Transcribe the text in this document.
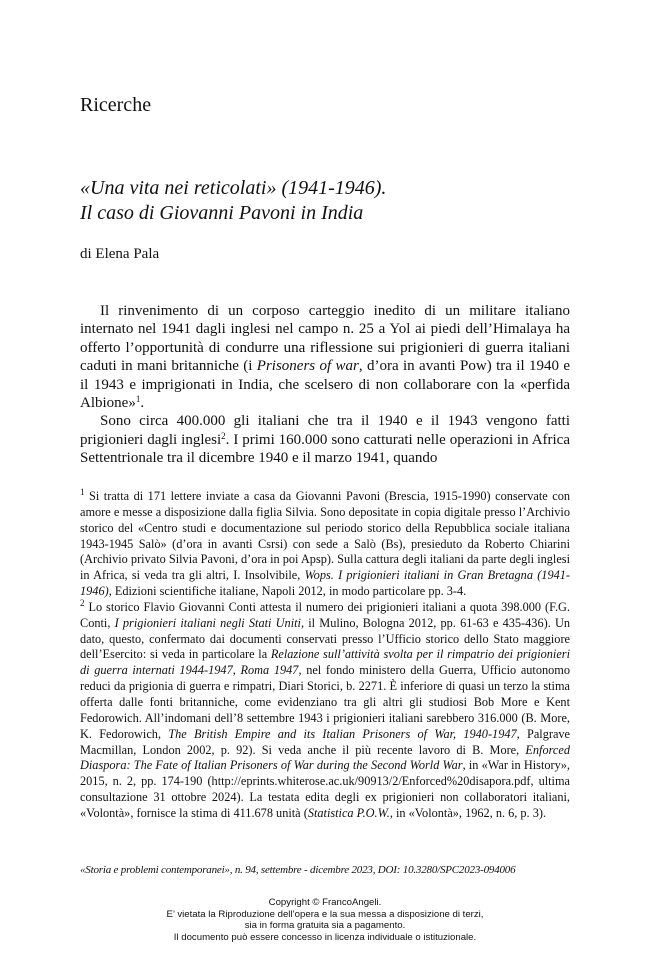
Ricerche
«Una vita nei reticolati» (1941-1946).
Il caso di Giovanni Pavoni in India
di Elena Pala

Il rinvenimento di un corposo carteggio inedito di un militare italiano internato nel 1941 dagli inglesi nel campo n. 25 a Yol ai piedi dell’Himalaya ha offerto l’opportunità di condurre una riflessione sui prigionieri di guerra italiani caduti in mani britanniche (i Prisoners of war, d’ora in avanti Pow) tra il 1940 e il 1943 e imprigionati in India, che scelsero di non collaborare con la «perfida Albione»$^1$.

Sono circa 400.000 gli italiani che tra il 1940 e il 1943 vengono fatti prigionieri dagli inglesi$^2$. I primi 160.000 sono catturati nelle operazioni in Africa Settentrionale tra il dicembre 1940 e il marzo 1941, quando

$^1$ Si tratta di 171 lettere inviate a casa da Giovanni Pavoni (Brescia, 1915-1990) conservate con amore e messe a disposizione dalla figlia Silvia. Sono depositate in copia digitale presso l’Archivio storico del «Centro studi e documentazione sul periodo storico della Repubblica sociale italiana 1943-1945 Salò» (d’ora in avanti Csrsi) con sede a Salò (Bs), presieduto da Roberto Chiarini (Archivio privato Silvia Pavoni, d’ora in poi Apsp). Sulla cattura degli italiani da parte degli inglesi in Africa, si veda tra gli altri, I. Insolvibile, Wops. I prigionieri italiani in Gran Bretagna (1941-1946), Edizioni scientifiche italiane, Napoli 2012, in modo particolare pp. 3-4.

$^2$ Lo storico Flavio Giovanni Conti attesta il numero dei prigionieri italiani a quota 398.000 (F.G. Conti, I prigionieri italiani negli Stati Uniti, il Mulino, Bologna 2012, pp. 61-63 e 435-436). Un dato, questo, confermato dai documenti conservati presso l’Ufficio storico dello Stato maggiore dell’Esercito: si veda in particolare la Relazione sull’attività svolta per il rimpatrio dei prigionieri di guerra internati 1944-1947, Roma 1947, nel fondo ministero della Guerra, Ufficio autonomo reduci da prigionia di guerra e rimpatri, Diari Storici, b. 2271. È inferiore di quasi un terzo la stima offerta dalle fonti britanniche, come evidenziano tra gli altri gli studiosi Bob More e Kent Fedorowich. All’indomani dell’8 settembre 1943 i prigionieri italiani sarebbero 316.000 (B. More, K. Fedorowich, The British Empire and its Italian Prisoners of War, 1940-1947, Palgrave Macmillan, London 2002, p. 92). Si veda anche il più recente lavoro di B. More, Enforced Diaspora: The Fate of Italian Prisoners of War during the Second World War, in «War in History», 2015, n. 2, pp. 174-190 (http://eprints.whiterose.ac.uk/90913/2/Enforced%20disapora.pdf, ultima consultazione 31 ottobre 2024). La testata edita degli ex prigionieri non collaboratori italiani, «Volontà», fornisce la stima di 411.678 unità (Statistica P.O.W., in «Volontà», 1962, n. 6, p. 3).

«Storia e problemi contemporanei», n. 94, settembre - dicembre 2023, DOI: 10.3280/SPC2023-094006
Copyright © FrancoAngeli.
E’ vietata la Riproduzione dell’opera e la sua messa a disposizione di terzi,
sia in forma gratuita sia a pagamento.
Il documento può essere concesso in licenza individuale o istituzionale.
